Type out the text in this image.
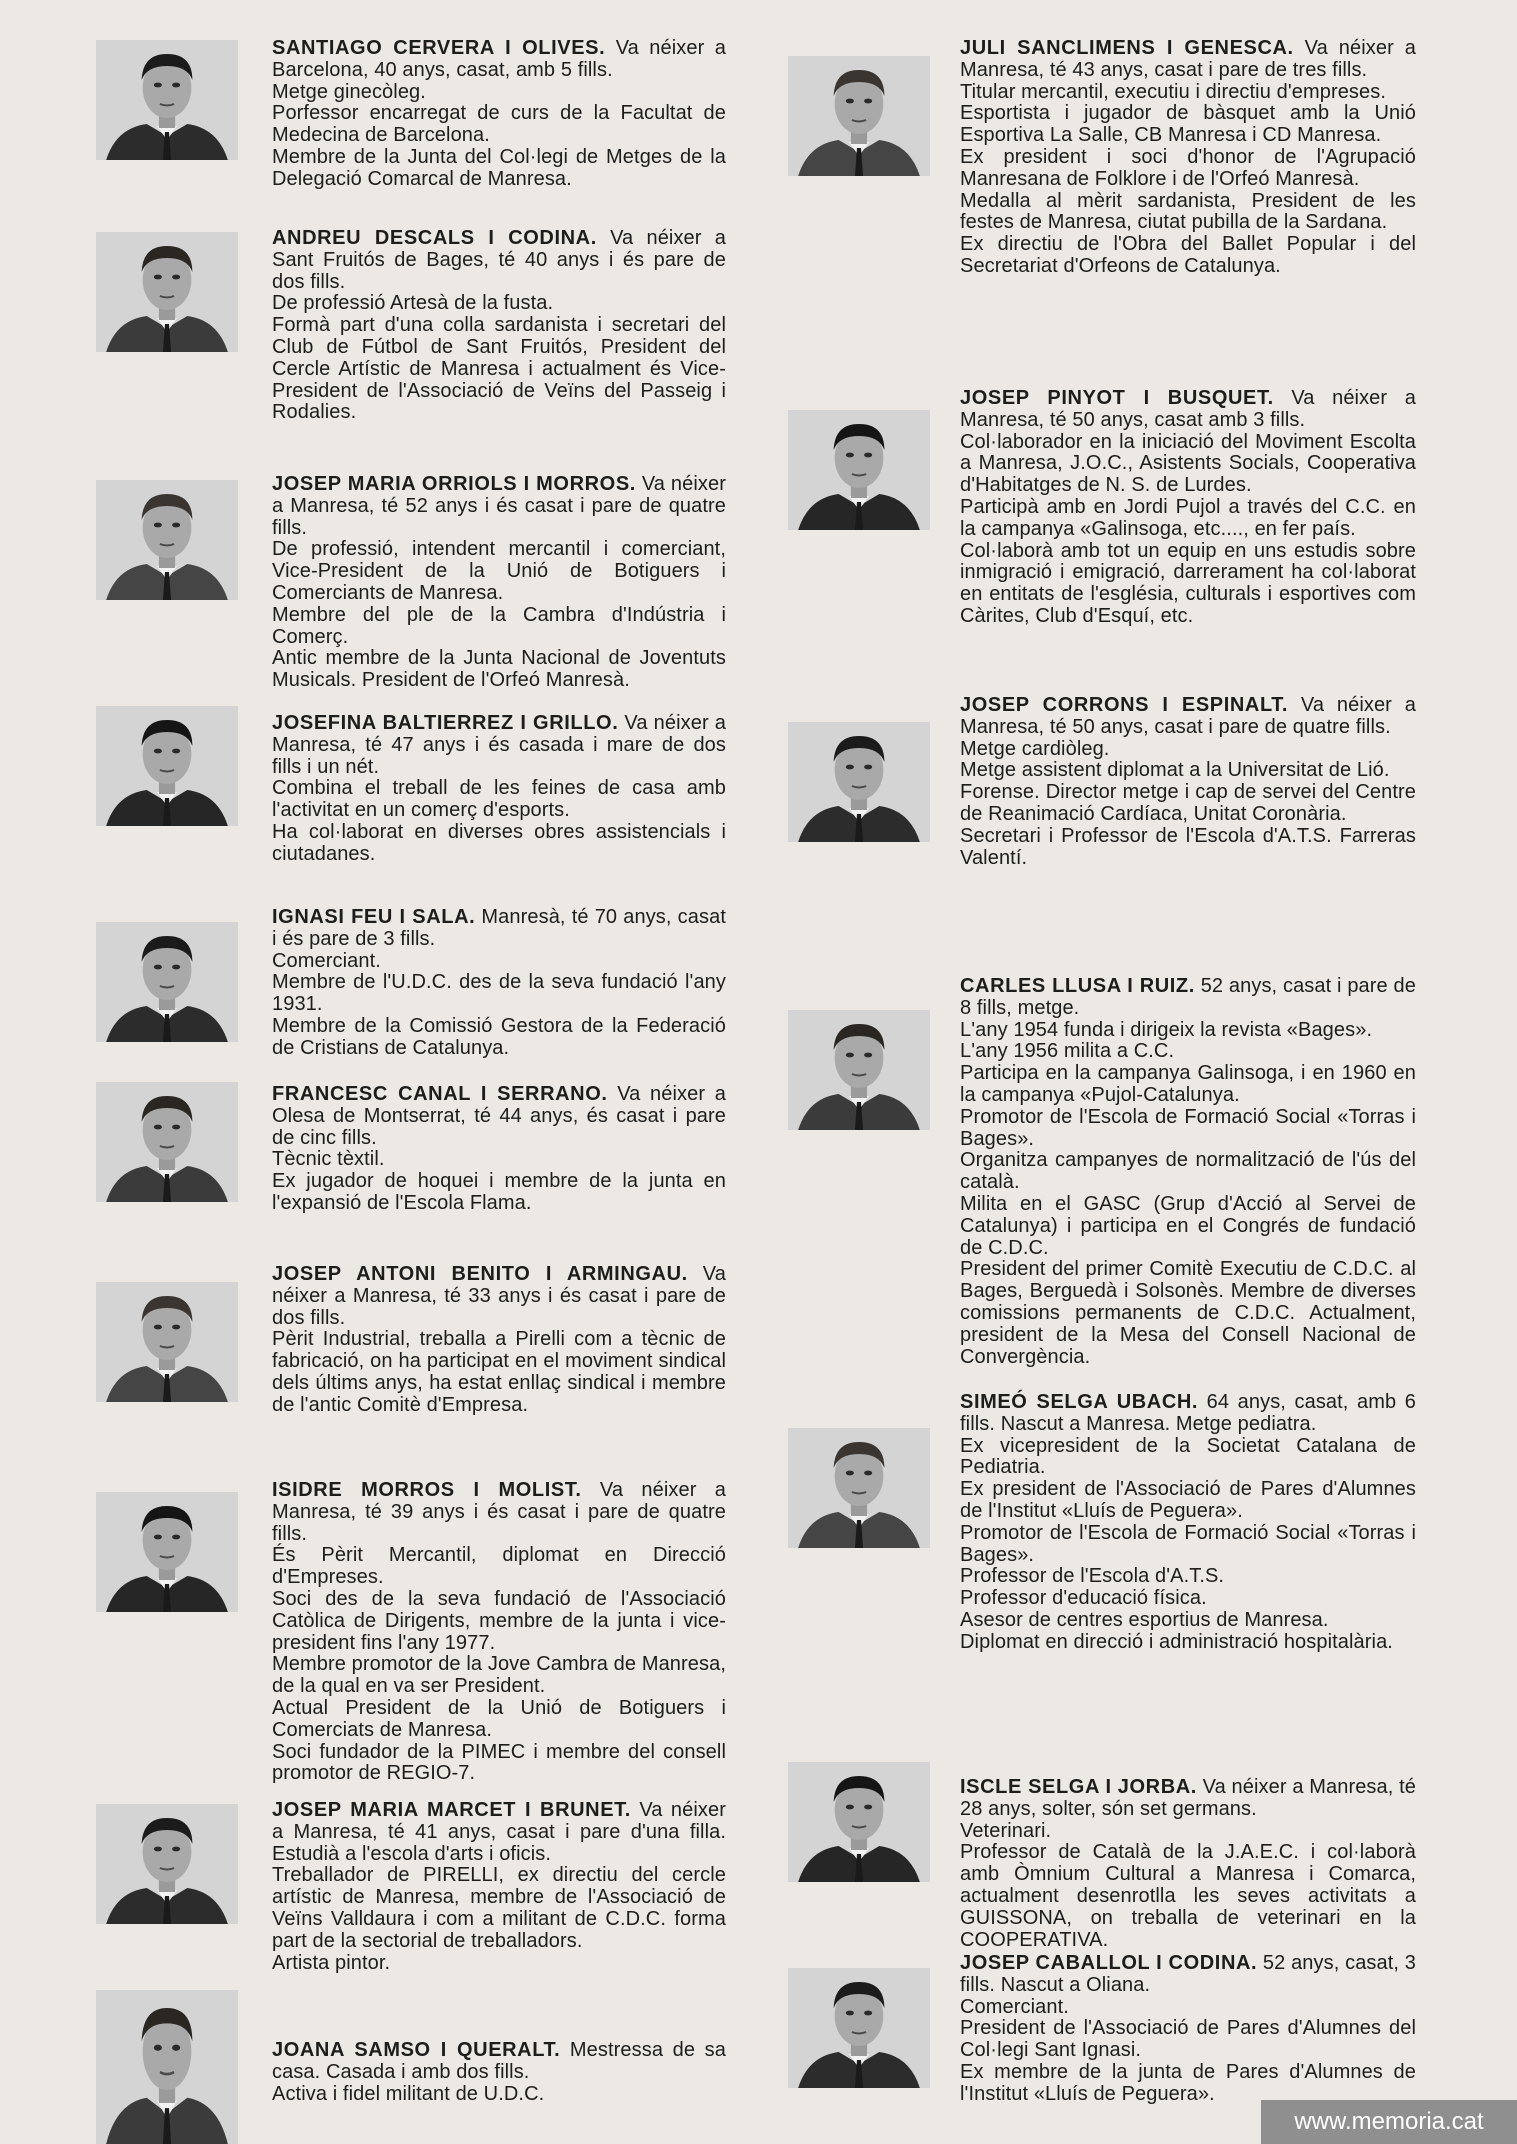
SANTIAGO CERVERA I OLIVES. Va néixer a Barcelona, 40 anys, casat, amb 5 fills.
Metge ginecòleg.
Porfessor encarregat de curs de la Facultat de Medecina de Barcelona.
Membre de la Junta del Col·legi de Metges de la Delegació Comarcal de Manresa.
ANDREU DESCALS I CODINA. Va néixer a Sant Fruitós de Bages, té 40 anys i és pare de dos fills.
De professió Artesà de la fusta.
Formà part d'una colla sardanista i secretari del Club de Fútbol de Sant Fruitós, President del Cercle Artístic de Manresa i actualment és Vice-President de l'Associació de Veïns del Passeig i Rodalies.
JOSEP MARIA ORRIOLS I MORROS. Va néixer a Manresa, té 52 anys i és casat i pare de quatre fills.
De professió, intendent mercantil i comerciant, Vice-President de la Unió de Botiguers i Comerciants de Manresa.
Membre del ple de la Cambra d'Indústria i Comerç.
Antic membre de la Junta Nacional de Joventuts Musicals. President de l'Orfeó Manresà.
JOSEFINA BALTIERREZ I GRILLO. Va néixer a Manresa, té 47 anys i és casada i mare de dos fills i un nét.
Combina el treball de les feines de casa amb l'activitat en un comerç d'esports.
Ha col·laborat en diverses obres assistencials i ciutadanes.
IGNASI FEU I SALA. Manresà, té 70 anys, casat i és pare de 3 fills.
Comerciant.
Membre de l'U.D.C. des de la seva fundació l'any 1931.
Membre de la Comissió Gestora de la Federació de Cristians de Catalunya.
FRANCESC CANAL I SERRANO. Va néixer a Olesa de Montserrat, té 44 anys, és casat i pare de cinc fills.
Tècnic tèxtil.
Ex jugador de hoquei i membre de la junta en l'expansió de l'Escola Flama.
JOSEP ANTONI BENITO I ARMINGAU. Va néixer a Manresa, té 33 anys i és casat i pare de dos fills.
Pèrit Industrial, treballa a Pirelli com a tècnic de fabricació, on ha participat en el moviment sindical dels últims anys, ha estat enllaç sindical i membre de l'antic Comitè d'Empresa.
ISIDRE MORROS I MOLIST. Va néixer a Manresa, té 39 anys i és casat i pare de quatre fills.
És Pèrit Mercantil, diplomat en Direcció d'Empreses.
Soci des de la seva fundació de l'Associació Catòlica de Dirigents, membre de la junta i vice-president fins l'any 1977.
Membre promotor de la Jove Cambra de Manresa, de la qual en va ser President.
Actual President de la Unió de Botiguers i Comerciats de Manresa.
Soci fundador de la PIMEC i membre del consell promotor de REGIO-7.
JOSEP MARIA MARCET I BRUNET. Va néixer a Manresa, té 41 anys, casat i pare d'una filla. Estudià a l'escola d'arts i oficis.
Treballador de PIRELLI, ex directiu del cercle artístic de Manresa, membre de l'Associació de Veïns Valldaura i com a militant de C.D.C. forma part de la sectorial de treballadors.
Artista pintor.
JOANA SAMSO I QUERALT. Mestressa de sa casa. Casada i amb dos fills.
Activa i fidel militant de U.D.C.
JULI SANCLIMENS I GENESCA. Va néixer a Manresa, té 43 anys, casat i pare de tres fills.
Titular mercantil, executiu i directiu d'empreses.
Esportista i jugador de bàsquet amb la Unió Esportiva La Salle, CB Manresa i CD Manresa.
Ex president i soci d'honor de l'Agrupació Manresana de Folklore i de l'Orfeó Manresà.
Medalla al mèrit sardanista, President de les festes de Manresa, ciutat pubilla de la Sardana.
Ex directiu de l'Obra del Ballet Popular i del Secretariat d'Orfeons de Catalunya.
JOSEP PINYOT I BUSQUET. Va néixer a Manresa, té 50 anys, casat amb 3 fills.
Col·laborador en la iniciació del Moviment Escolta a Manresa, J.O.C., Asistents Socials, Cooperativa d'Habitatges de N. S. de Lurdes.
Participà amb en Jordi Pujol a través del C.C. en la campanya «Galinsoga, etc...., en fer país.
Col·laborà amb tot un equip en uns estudis sobre inmigració i emigració, darrerament ha col·laborat en entitats de l'església, culturals i esportives com Càrites, Club d'Esquí, etc.
JOSEP CORRONS I ESPINALT. Va néixer a Manresa, té 50 anys, casat i pare de quatre fills.
Metge cardiòleg.
Metge assistent diplomat a la Universitat de Lió.
Forense. Director metge i cap de servei del Centre de Reanimació Cardíaca, Unitat Coronària.
Secretari i Professor de l'Escola d'A.T.S. Farreras Valentí.
CARLES LLUSA I RUIZ. 52 anys, casat i pare de 8 fills, metge.
L'any 1954 funda i dirigeix la revista «Bages».
L'any 1956 milita a C.C.
Participa en la campanya Galinsoga, i en 1960 en la campanya «Pujol-Catalunya.
Promotor de l'Escola de Formació Social «Torras i Bages».
Organitza campanyes de normalització de l'ús del català.
Milita en el GASC (Grup d'Acció al Servei de Catalunya) i participa en el Congrés de fundació de C.D.C.
President del primer Comitè Executiu de C.D.C. al Bages, Berguedà i Solsonès. Membre de diverses comissions permanents de C.D.C. Actualment, president de la Mesa del Consell Nacional de Convergència.
SIMEÓ SELGA UBACH. 64 anys, casat, amb 6 fills. Nascut a Manresa. Metge pediatra.
Ex vicepresident de la Societat Catalana de Pediatria.
Ex president de l'Associació de Pares d'Alumnes de l'Institut «Lluís de Peguera».
Promotor de l'Escola de Formació Social «Torras i Bages».
Professor de l'Escola d'A.T.S.
Professor d'educació física.
Asesor de centres esportius de Manresa.
Diplomat en direcció i administració hospitalària.
ISCLE SELGA I JORBA. Va néixer a Manresa, té 28 anys, solter, són set germans.
Veterinari.
Professor de Català de la J.A.E.C. i col·laborà amb Òmnium Cultural a Manresa i Comarca, actualment desenrotlla les seves activitats a GUISSONA, on treballa de veterinari en la COOPERATIVA.
JOSEP CABALLOL I CODINA. 52 anys, casat, 3 fills. Nascut a Oliana.
Comerciant.
President de l'Associació de Pares d'Alumnes del Col·legi Sant Ignasi.
Ex membre de la junta de Pares d'Alumnes de l'Institut «Lluís de Peguera».
www.memoria.cat
